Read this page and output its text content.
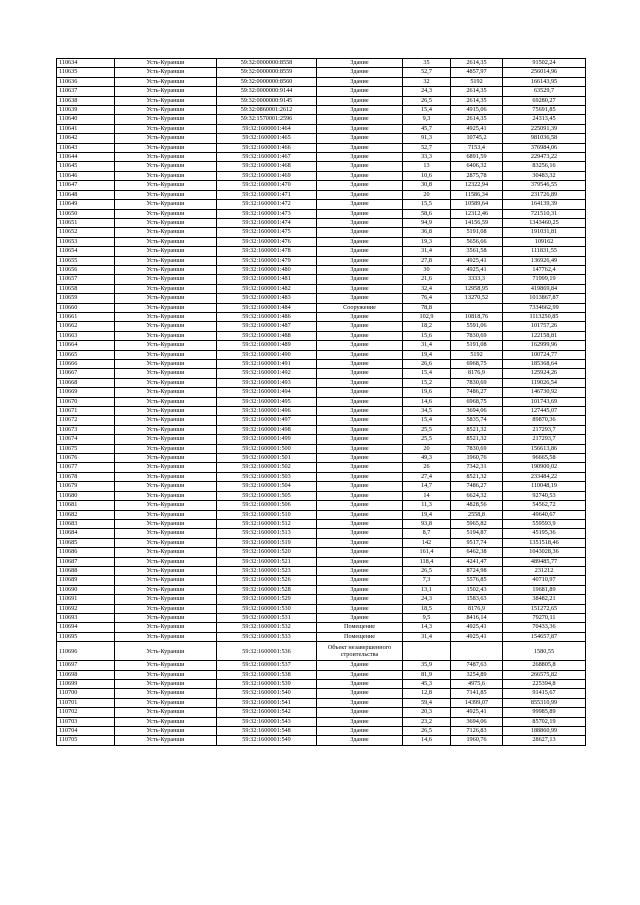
110634	Усть-Куранши	59:32:0000000:8558	Здание	35	2614,35	91502,24
110635	Усть-Куранши	59:32:0000000:8559	Здание	52,7	4857,97	256014,96
110636	Усть-Куранши	59:32:0000000:8560	Здание	32	5192	166143,95
110637	Усть-Куранши	59:32:0000000:9144	Здание	24,3	2614,35	63529,7
110638	Усть-Куранши	59:32:0000000:9145	Здание	26,5	2614,35	69280,27
110639	Усть-Куранши	59:32:0860001:2612	Здание	15,4	4915,06	75691,85
110640	Усть-Куранши	59:32:1570001:2596	Здание	9,3	2614,35	24313,45
110641	Усть-Куранши	59:32:1600001:464	Здание	45,7	4925,41	225091,39
110642	Усть-Куранши	59:32:1600001:465	Здание	91,3	10745,2	981036,58
110643	Усть-Куранши	59:32:1600001:466	Здание	52,7	7153,4	376984,06
110644	Усть-Куранши	59:32:1600001:467	Здание	33,3	6891,59	229473,22
110645	Усть-Куранши	59:32:1600001:468	Здание	13	6406,32	83256,16
110646	Усть-Куранши	59:32:1600001:469	Здание	10,6	2875,78	30483,32
110647	Усть-Куранши	59:32:1600001:470	Здание	30,8	12322,94	379546,55
110648	Усть-Куранши	59:32:1600001:471	Здание	20	11586,34	231726,89
110649	Усть-Куранши	59:32:1600001:472	Здание	15,5	10589,64	164139,39
110650	Усть-Куранши	59:32:1600001:473	Здание	58,6	12312,46	721510,31
110651	Усть-Куранши	59:32:1600001:474	Здание	94,9	14156,59	1343460,25
110652	Усть-Куранши	59:32:1600001:475	Здание	36,8	5191,08	191031,81
110653	Усть-Куранши	59:32:1600001:476	Здание	19,3	5656,66	109162
110654	Усть-Куранши	59:32:1600001:478	Здание	31,4	3561,58	111831,55
110655	Усть-Куранши	59:32:1600001:479	Здание	27,8	4925,41	136926,49
110656	Усть-Куранши	59:32:1600001:480	Здание	30	4925,41	147762,4
110657	Усть-Куранши	59:32:1600001:481	Здание	21,6	3333,3	71999,19
110658	Усть-Куранши	59:32:1600001:482	Здание	32,4	12958,95	419869,84
110659	Усть-Куранши	59:32:1600001:483	Здание	76,4	13270,52	1013867,87
110660	Усть-Куранши	59:32:1600001:484	Сооружение	78,8		7334662,99
110661	Усть-Куранши	59:32:1600001:486	Здание	102,9	10818,76	1113250,85
110662	Усть-Куранши	59:32:1600001:487	Здание	18,2	5591,06	101757,26
110663	Усть-Куранши	59:32:1600001:488	Здание	15,6	7830,69	122158,81
110664	Усть-Куранши	59:32:1600001:489	Здание	31,4	5191,08	162999,96
110665	Усть-Куранши	59:32:1600001:490	Здание	19,4	5192	100724,77
110666	Усть-Куранши	59:32:1600001:491	Здание	26,6	6968,75	185368,64
110667	Усть-Куранши	59:32:1600001:492	Здание	15,4	8176,9	125924,26
110668	Усть-Куранши	59:32:1600001:493	Здание	15,2	7830,69	119026,54
110669	Усть-Куранши	59:32:1600001:494	Здание	19,6	7486,27	146730,92
110670	Усть-Куранши	59:32:1600001:495	Здание	14,6	6968,75	101743,69
110671	Усть-Куранши	59:32:1600001:496	Здание	34,5	3694,06	127445,07
110672	Усть-Куранши	59:32:1600001:497	Здание	15,4	5835,74	89870,36
110673	Усть-Куранши	59:32:1600001:498	Здание	25,5	8521,32	217293,7
110674	Усть-Куранши	59:32:1600001:499	Здание	25,5	8521,32	217293,7
110675	Усть-Куранши	59:32:1600001:500	Здание	20	7830,69	156613,86
110676	Усть-Куранши	59:32:1600001:501	Здание	49,3	1960,76	96665,58
110677	Усть-Куранши	59:32:1600001:502	Здание	26	7342,31	190900,02
110678	Усть-Куранши	59:32:1600001:503	Здание	27,4	8521,32	233484,22
110679	Усть-Куранши	59:32:1600001:504	Здание	14,7	7486,27	110048,19
110680	Усть-Куранши	59:32:1600001:505	Здание	14	6624,32	92740,53
110681	Усть-Куранши	59:32:1600001:506	Здание	11,3	4828,56	54562,72
110682	Усть-Куранши	59:32:1600001:510	Здание	19,4	2558,8	49640,67
110683	Усть-Куранши	59:32:1600001:512	Здание	93,8	5965,82	559593,9
110684	Усть-Куранши	59:32:1600001:513	Здание	8,7	5194,87	45195,36
110685	Усть-Куранши	59:32:1600001:519	Здание	142	9517,74	1351518,46
110686	Усть-Куранши	59:32:1600001:520	Здание	161,4	6462,38	1043028,36
110687	Усть-Куранши	59:32:1600001:521	Здание	118,4	4241,47	489485,77
110688	Усть-Куранши	59:32:1600001:523	Здание	26,5	8724,98	231212
110689	Усть-Куранши	59:32:1600001:526	Здание	7,3	5576,85	40710,97
110690	Усть-Куранши	59:32:1600001:528	Здание	13,1	1502,43	19681,89
110691	Усть-Куранши	59:32:1600001:529	Здание	24,3	1583,63	38482,21
110692	Усть-Куранши	59:32:1600001:530	Здание	18,5	8176,9	151272,65
110693	Усть-Куранши	59:32:1600001:531	Здание	9,5	8416,14	79270,11
110694	Усть-Куранши	59:32:1600001:532	Помещение	14,3	4925,41	70433,36
110695	Усть-Куранши	59:32:1600001:533	Помещение	31,4	4925,41	154657,87
110696	Усть-Куранши	59:32:1600001:536	Объект незавершенного строительства			1580,55
110697	Усть-Куранши	59:32:1600001:537	Здание	35,9	7487,63	268805,8
110698	Усть-Куранши	59:32:1600001:538	Здание	81,9	3254,89	266575,82
110699	Усть-Куранши	59:32:1600001:539	Здание	45,3	4975,6	225394,8
110700	Усть-Куранши	59:32:1600001:540	Здание	12,8	7141,85	91415,67
110701	Усть-Куранши	59:32:1600001:541	Здание	59,4	14399,07	855310,99
110702	Усть-Куранши	59:32:1600001:542	Здание	20,3	4925,41	99985,89
110703	Усть-Куранши	59:32:1600001:543	Здание	23,2	3694,06	85702,19
110704	Усть-Куранши	59:32:1600001:548	Здание	26,5	7126,83	188860,99
110705	Усть-Куранши	59:32:1600001:549	Здание	14,6	1960,76	28627,13
